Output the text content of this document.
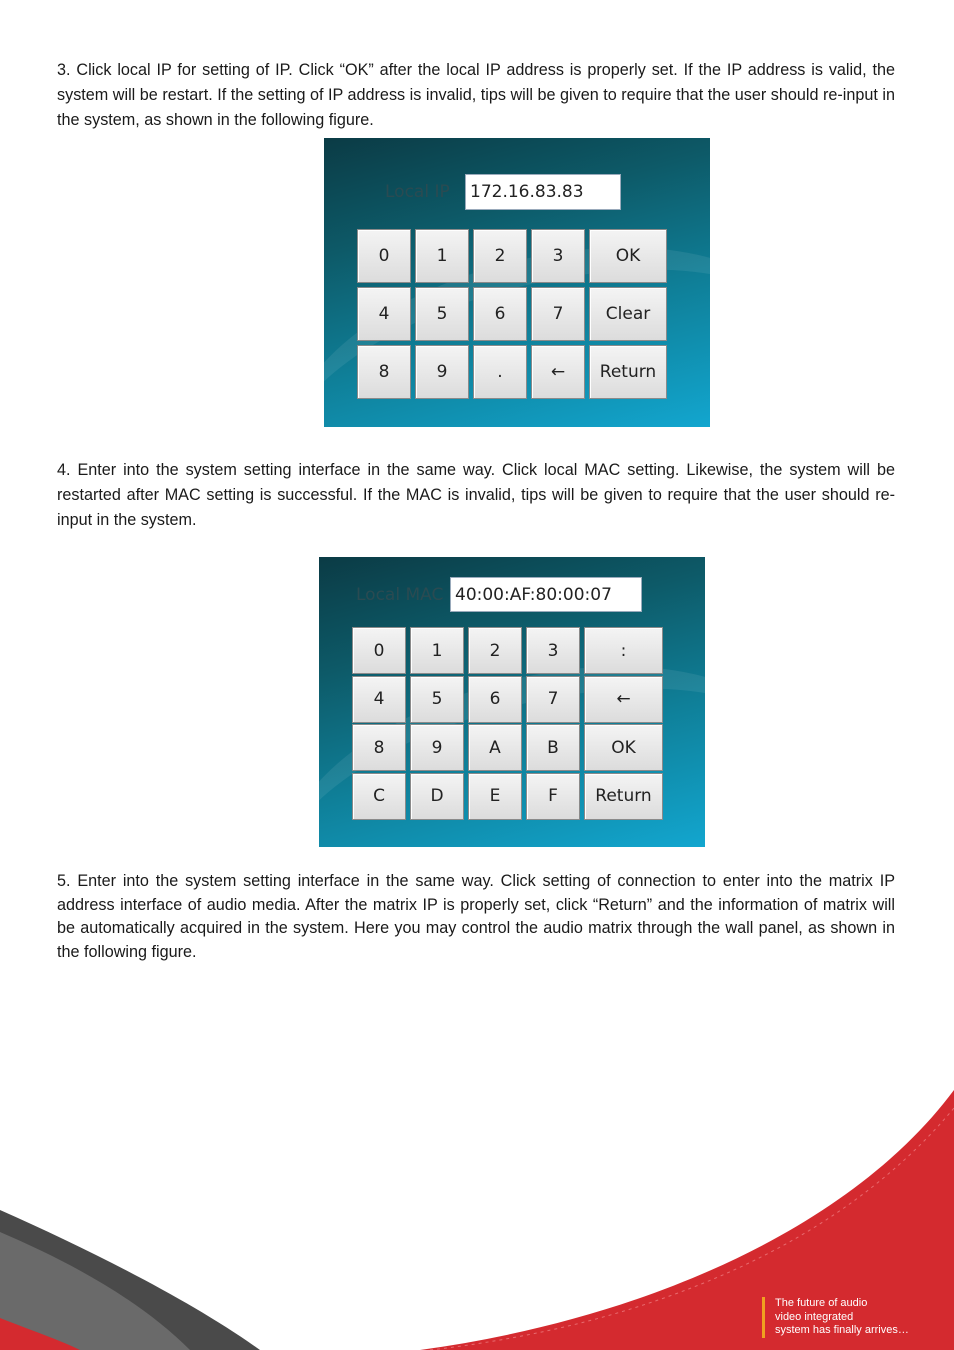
3. Click local IP for setting of IP. Click “OK” after the local IP address is properly set. If the IP address is valid, the system will be restart. If the setting of IP address is invalid, tips will be given to require that the user should re-input in the system, as shown in the following figure.

Local IP 172.16.83.83
0	1	2	3	OK
4	5	6	7	Clear
8	9	.	←	Return

4. Enter into the system setting interface in the same way. Click local MAC setting. Likewise, the system will be restarted after MAC setting is successful. If the MAC is invalid, tips will be given to require that the user should re-input in the system.

Local MAC 40:00:AF:80:00:07
0	1	2	3	:
4	5	6	7	←
8	9	A	B	OK
C	D	E	F	Return

5. Enter into the system setting interface in the same way. Click setting of connection to enter into the matrix IP address interface of audio media. After the matrix IP is properly set, click “Return” and the information of matrix will be automatically acquired in the system. Here you may control the audio matrix through the wall panel, as shown in the following figure.

The future of audio
video integrated
system has finally arrives…
